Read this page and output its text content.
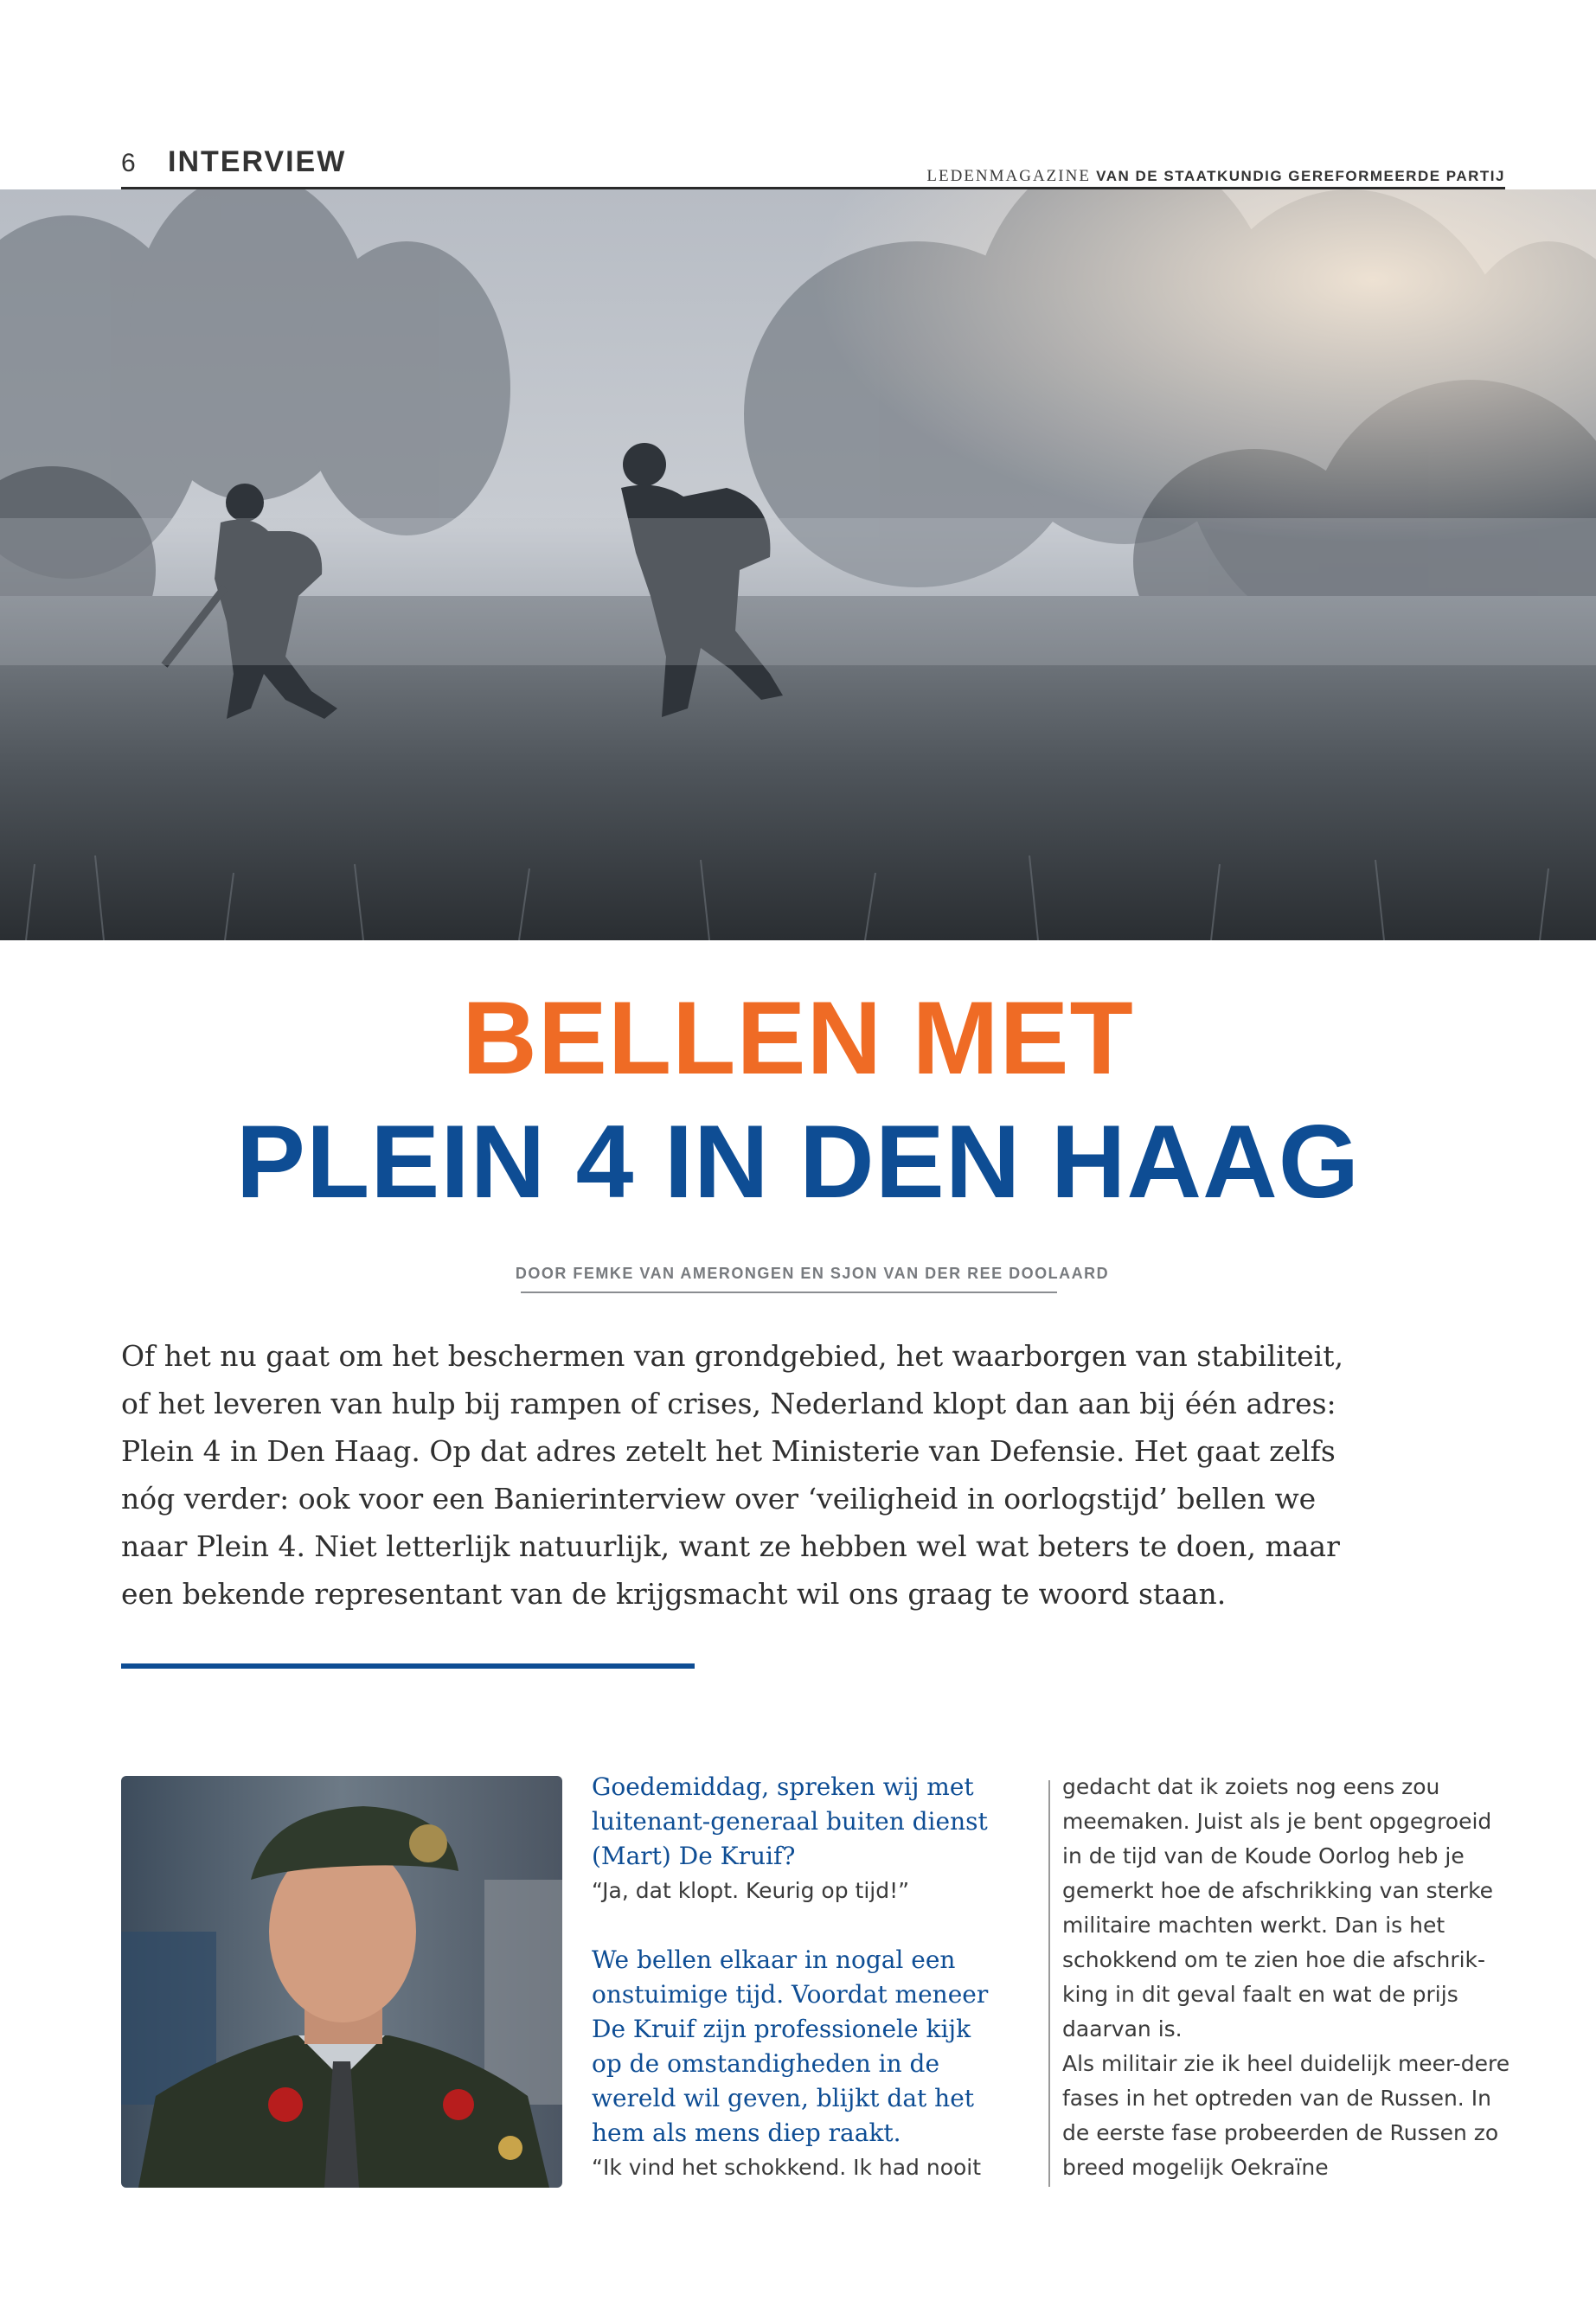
6 INTERVIEW	LEDENMAGAZINE VAN DE STAATKUNDIG GEREFORMEERDE PARTIJ
BELLEN MET
PLEIN 4 IN DEN HAAG
DOOR FEMKE VAN AMERONGEN EN SJON VAN DER REE DOOLAARD
Of het nu gaat om het beschermen van grondgebied, het waarborgen van stabiliteit, of het leveren van hulp bij rampen of crises, Nederland klopt dan aan bij één adres: Plein 4 in Den Haag. Op dat adres zetelt het Ministerie van Defensie. Het gaat zelfs nóg verder: ook voor een Banierinterview over ‘veiligheid in oorlogstijd’ bellen we naar Plein 4. Niet letterlijk natuurlijk, want ze hebben wel wat beters te doen, maar een bekende representant van de krijgsmacht wil ons graag te woord staan.

Goedemiddag, spreken wij met luitenant-generaal buiten dienst (Mart) De Kruif?

“Ja, dat klopt. Keurig op tijd!”

We bellen elkaar in nogal een onstuimige tijd. Voordat meneer De Kruif zijn professionele kijk op de omstandigheden in de wereld wil geven, blijkt dat het hem als mens diep raakt.

“Ik vind het schokkend. Ik had nooit

gedacht dat ik zoiets nog eens zou meemaken. Juist als je bent opgegroeid in de tijd van de Koude Oorlog heb je gemerkt hoe de afschrikking van sterke militaire machten werkt. Dan is het schokkend om te zien hoe die afschrik-king in dit geval faalt en wat de prijs daarvan is.

Als militair zie ik heel duidelijk meer-dere fases in het optreden van de Russen. In de eerste fase probeerden de Russen zo breed mogelijk Oekraïne
